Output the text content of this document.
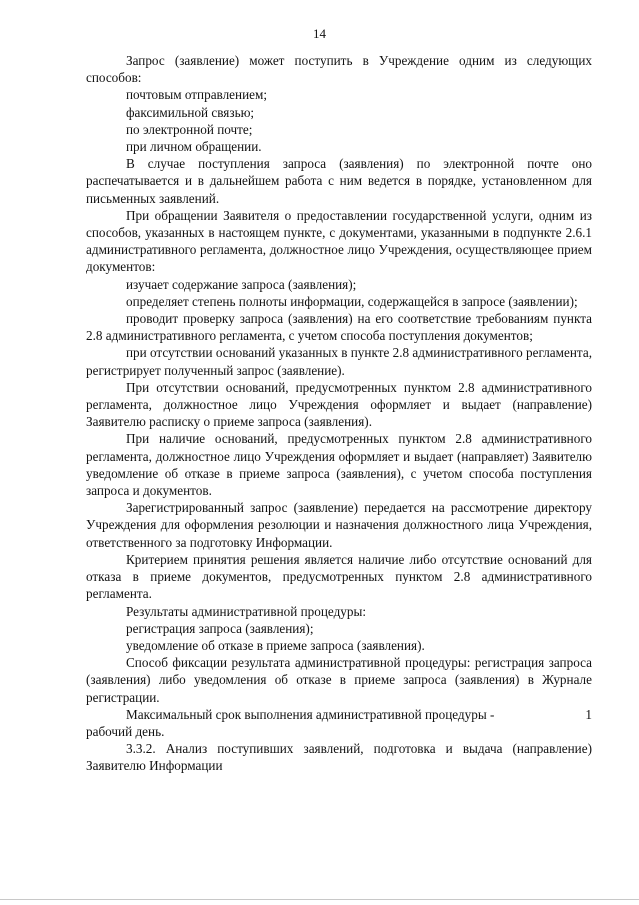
14

Запрос (заявление) может поступить в Учреждение одним из следующих

способов:

почтовым отправлением;

факсимильной связью;

по электронной почте;

при личном обращении.

В случае поступления запроса (заявления) по электронной почте оно распечатывается и в дальнейшем работа с ним ведется в порядке, установленном для письменных заявлений.

При обращении Заявителя о предоставлении государственной услуги, одним из способов, указанных в настоящем пункте, с документами, указанными в подпункте 2.6.1 административного регламента, должностное лицо Учреждения, осуществляющее прием документов:

изучает содержание запроса (заявления);

определяет степень полноты информации, содержащейся в запросе (заявлении);

проводит проверку запроса (заявления) на его соответствие требованиям пункта 2.8 административного регламента, с учетом способа поступления документов;

при отсутствии оснований указанных в пункте 2.8 административного регламента, регистрирует полученный запрос (заявление).

При отсутствии оснований, предусмотренных пунктом 2.8 административного регламента, должностное лицо Учреждения оформляет и выдает (направление) Заявителю расписку о приеме запроса (заявления).

При наличие оснований, предусмотренных пунктом 2.8 административного регламента, должностное лицо Учреждения оформляет и выдает (направляет) Заявителю уведомление об отказе в приеме запроса (заявления), с учетом способа поступления запроса и документов.

Зарегистрированный запрос (заявление) передается на рассмотрение директору Учреждения для оформления резолюции и назначения должностного лица Учреждения, ответственного за подготовку Информации.

Критерием принятия решения является наличие либо отсутствие оснований для отказа в приеме документов, предусмотренных пунктом 2.8 административного регламента.

Результаты административной процедуры:

регистрация запроса (заявления);

уведомление об отказе в приеме запроса (заявления).

Способ фиксации результата административной процедуры: регистрация запроса (заявления) либо уведомления об отказе в приеме запроса (заявления) в Журнале регистрации.

Максимальный срок выполнения административной процедуры -	1

рабочий день.

3.3.2. Анализ поступивших заявлений, подготовка и выдача (направление)

Заявителю Информации
